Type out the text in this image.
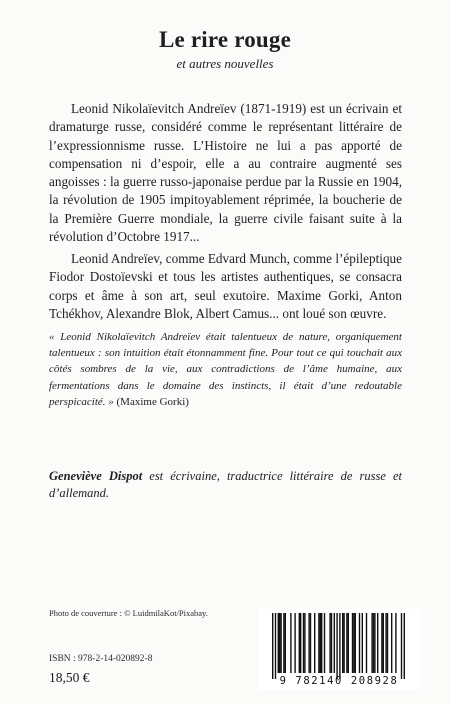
Le rire rouge
et autres nouvelles

Leonid Nikolaïevitch Andreïev (1871-1919) est un écrivain et dramaturge russe, considéré comme le représentant littéraire de l’expressionnisme russe. L’Histoire ne lui a pas apporté de compensation ni d’espoir, elle a au contraire augmenté ses angoisses : la guerre russo-japonaise perdue par la Russie en 1904, la révolution de 1905 impitoyablement réprimée, la boucherie de la Première Guerre mondiale, la guerre civile faisant suite à la révolution d’Octobre 1917...

Leonid Andreïev, comme Edvard Munch, comme l’épileptique Fiodor Dostoïevski et tous les artistes authentiques, se consacra corps et âme à son art, seul exutoire. Maxime Gorki, Anton Tchékhov, Alexandre Blok, Albert Camus... ont loué son œuvre.

« Leonid Nikolaïevitch Andreïev était talentueux de nature, organiquement talentueux : son intuition était étonnamment fine. Pour tout ce qui touchait aux côtés sombres de la vie, aux contradictions de l’âme humaine, aux fermentations dans le domaine des instincts, il était d’une redoutable perspicacité. » (Maxime Gorki)

Geneviève Dispot est écrivaine, traductrice littéraire de russe et d’allemand.

Photo de couverture : © LuidmilaKot/Pixabay.
ISBN : 978-2-14-020892-8
18,50 €	9 782140 208928
